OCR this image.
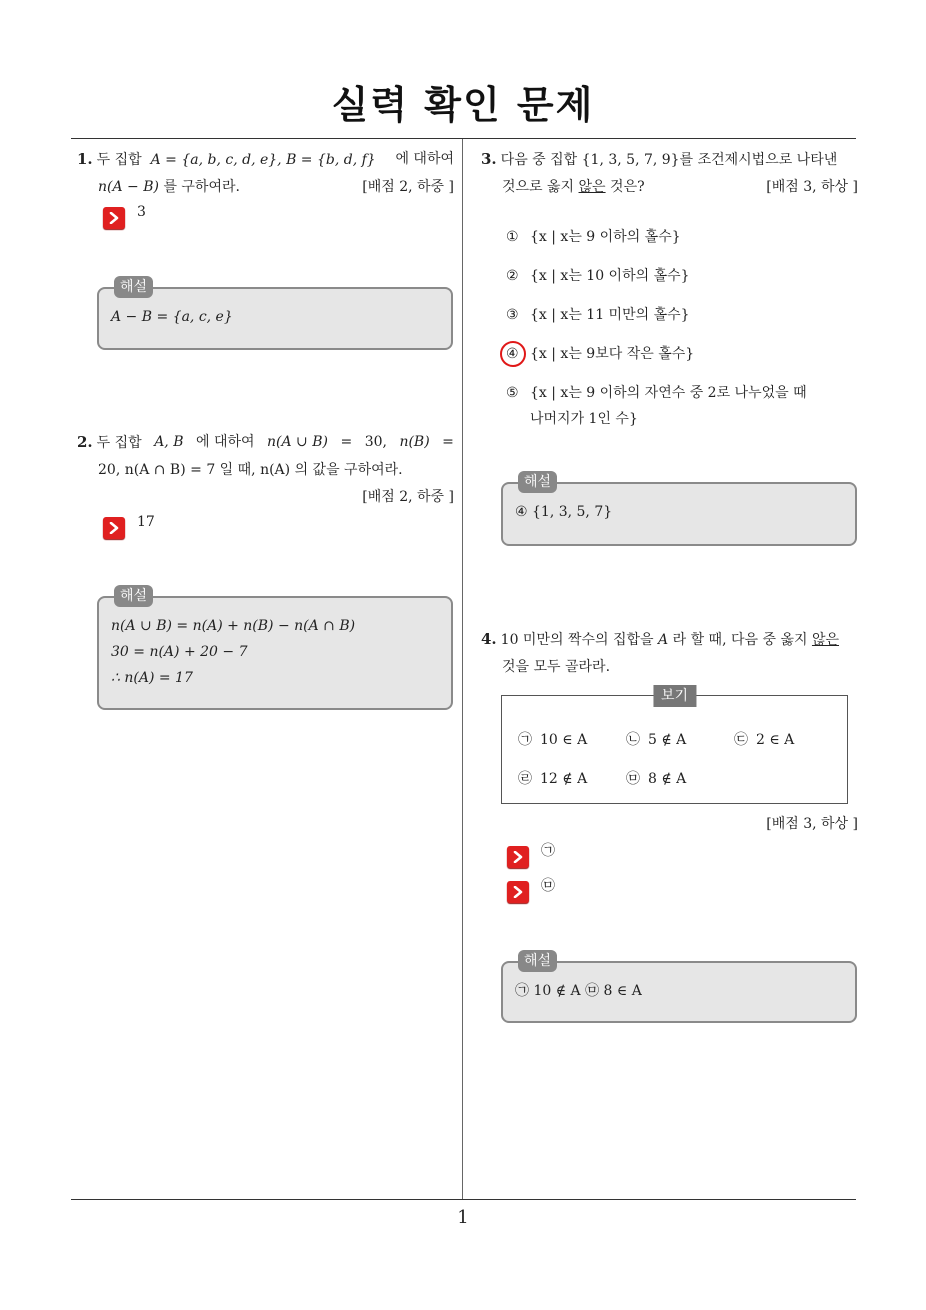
실력 확인 문제
1
1. 두 집합 A = {a, b, c, d, e}, B = {b, d, f} 에 대하여
n(A − B) 를 구하여라.	[배점 2, 하중 ]
3
해설
A − B = {a, c, e}
2. 두 집합 A, B 에 대하여 n(A ∪ B) = 30, n(B) =
20, n(A ∩ B) = 7 일 때, n(A) 의 값을 구하여라.
[배점 2, 하중 ]
17
해설
n(A ∪ B) = n(A) + n(B) − n(A ∩ B)
30 = n(A) + 20 − 7
∴ n(A) = 17
3. 다음 중 집합 {1, 3, 5, 7, 9}를 조건제시법으로 나타낸
것으로 옳지 않은 것은?	[배점 3, 하상 ]
① {x | x는 9 이하의 홀수}
② {x | x는 10 이하의 홀수}
③ {x | x는 11 미만의 홀수}
④ {x | x는 9보다 작은 홀수}
⑤ {x | x는 9 이하의 자연수 중 2로 나누었을 때
나머지가 1인 수}
해설
④ {1, 3, 5, 7}
4. 10 미만의 짝수의 집합을 A 라 할 때, 다음 중 옳지 않은
것을 모두 골라라.
보기
㉠ 10 ∈ A	㉡ 5 ∉ A	㉢ 2 ∈ A
㉣ 12 ∉ A	㉤ 8 ∉ A
[배점 3, 하상 ]
㉠
㉤
해설
㉠ 10 ∉ A ㉤ 8 ∈ A
